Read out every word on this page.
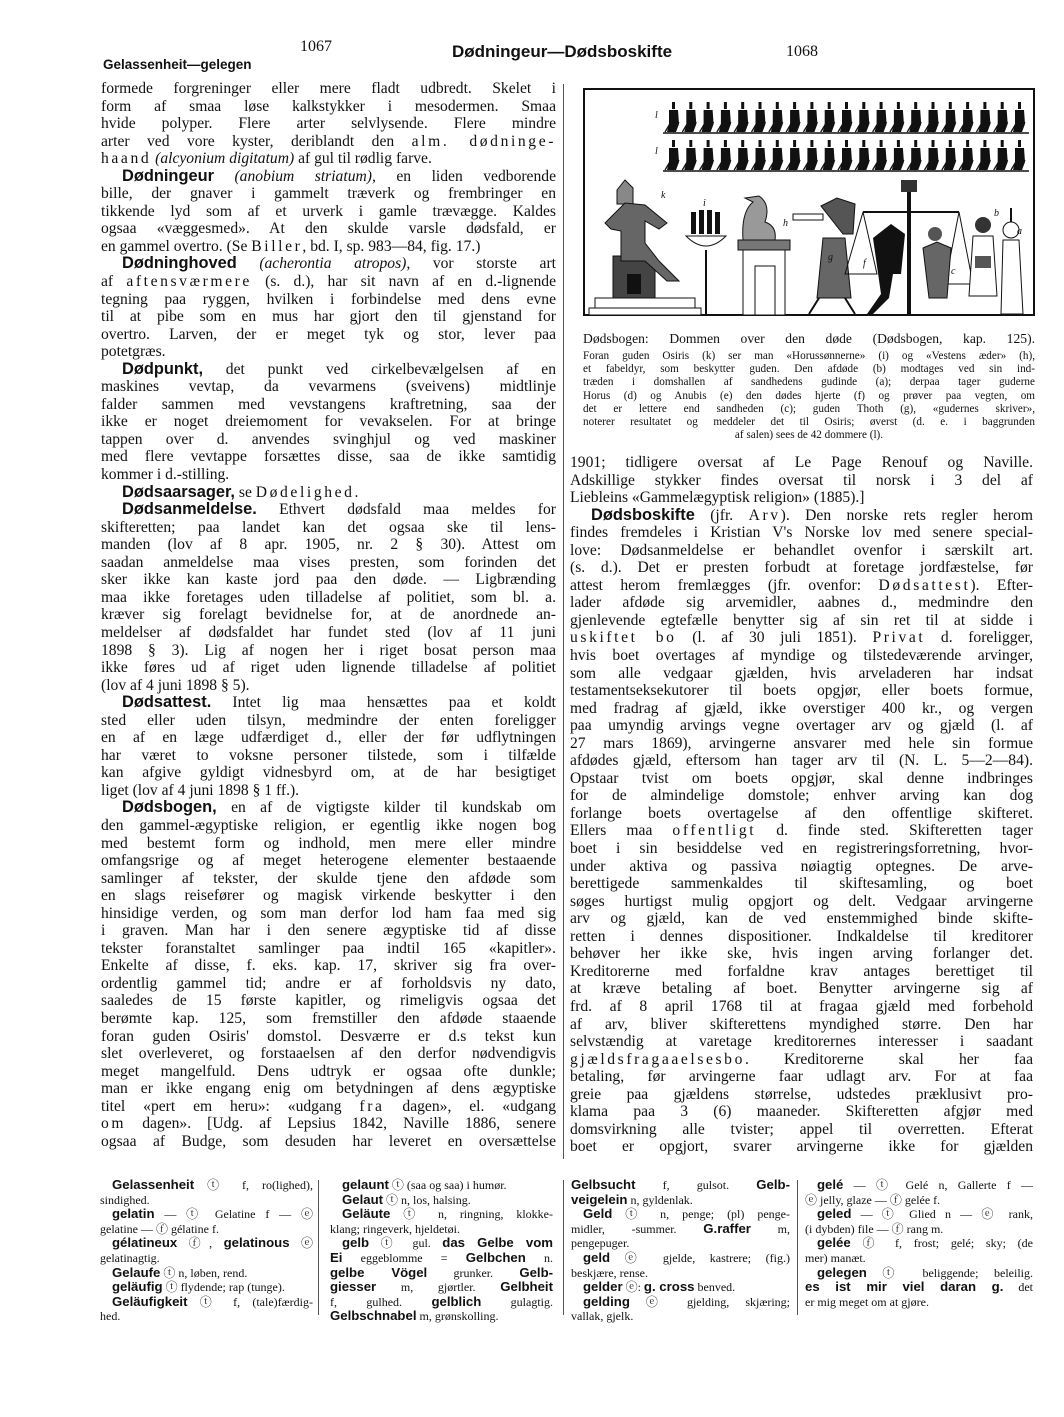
1067
Gelassenheit—gelegen
Dødningeur—Dødsboskifte	1068
formede forgreninger eller mere fladt udbredt. Skelet i
form af smaa løse kalkstykker i mesodermen. Smaa
hvide polyper. Flere arter selvlysende. Flere mindre
arter ved vore kyster, deriblandt den alm. dødninge-
haand (alcyonium digitatum) af gul til rødlig farve.
Dødningeur (anobium striatum), en liden vedborende
bille, der gnaver i gammelt træverk og frembringer en
tikkende lyd som af et urverk i gamle trævægge. Kaldes
ogsaa «væggesmed». At den skulde varsle dødsfald, er
en gammel overtro. (Se Biller, bd. I, sp. 983—84, fig. 17.)
Dødninghoved (acherontia atropos), vor storste art
af aftensværmere (s. d.), har sit navn af en d.-lignende
tegning paa ryggen, hvilken i forbindelse med dens evne
til at pibe som en mus har gjort den til gjenstand for
overtro. Larven, der er meget tyk og stor, lever paa
potetgræs.
Dødpunkt, det punkt ved cirkelbevælgelsen af en
maskines vevtap, da vevarmens (sveivens) midtlinje
falder sammen med vevstangens kraftretning, saa der
ikke er noget dreiemoment for vevakselen. For at bringe
tappen over d. anvendes svinghjul og ved maskiner
med flere vevtappe forsættes disse, saa de ikke samtidig
kommer i d.-stilling.
Dødsaarsager, se Dødelighed.
Dødsanmeldelse. Ethvert dødsfald maa meldes for
skifteretten; paa landet kan det ogsaa ske til lens-
manden (lov af 8 apr. 1905, nr. 2 § 30). Attest om
saadan anmeldelse maa vises presten, som forinden det
sker ikke kan kaste jord paa den døde. — Ligbrænding
maa ikke foretages uden tilladelse af politiet, som bl. a.
kræver sig forelagt bevidnelse for, at de anordnede an-
meldelser af dødsfaldet har fundet sted (lov af 11 juni
1898 § 3). Lig af nogen her i riget bosat person maa
ikke føres ud af riget uden lignende tilladelse af politiet
(lov af 4 juni 1898 § 5).
Dødsattest. Intet lig maa hensættes paa et koldt
sted eller uden tilsyn, medmindre der enten foreligger
en af en læge udfærdiget d., eller der før udflytningen
har været to voksne personer tilstede, som i tilfælde
kan afgive gyldigt vidnesbyrd om, at de har besigtiget
liget (lov af 4 juni 1898 § 1 ff.).
Dødsbogen, en af de vigtigste kilder til kundskab om
den gammel-ægyptiske religion, er egentlig ikke nogen bog
med bestemt form og indhold, men mere eller mindre
omfangsrige og af meget heterogene elementer bestaaende
samlinger af tekster, der skulde tjene den afdøde som
en slags reisefører og magisk virkende beskytter i den
hinsidige verden, og som man derfor lod ham faa med sig
i graven. Man har i den senere ægyptiske tid af disse
tekster foranstaltet samlinger paa indtil 165 «kapitler».
Enkelte af disse, f. eks. kap. 17, skriver sig fra over-
ordentlig gammel tid; andre er af forholdsvis ny dato,
saaledes de 15 første kapitler, og rimeligvis ogsaa det
berømte kap. 125, som fremstiller den afdøde staaende
foran guden Osiris' domstol. Desværre er d.s tekst kun
slet overleveret, og forstaaelsen af den derfor nødvendigvis
meget mangelfuld. Dens udtryk er ogsaa ofte dunkle;
man er ikke engang enig om betydningen af dens ægyptiske
titel «pert em heru»: «udgang fra dagen», el. «udgang
om dagen». [Udg. af Lepsius 1842, Naville 1886, senere
ogsaa af Budge, som desuden har leveret en oversættelse
l
l
k
i
h
g
f
c
b
a
Dødsbogen: Dommen over den døde (Dødsbogen, kap. 125).
Foran guden Osiris (k) ser man «Horussønnerne» (i) og «Vestens æder» (h),
et fabeldyr, som beskytter guden. Den afdøde (b) modtages ved sin ind-
træden i domshallen af sandhedens gudinde (a); derpaa tager guderne
Horus (d) og Anubis (e) den dødes hjerte (f) og prøver paa vegten, om
det er lettere end sandheden (c); guden Thoth (g), «gudernes skriver»,
noterer resultatet og meddeler det til Osiris; øverst (d. e. i baggrunden
af salen) sees de 42 dommere (l).
1901; tidligere oversat af Le Page Renouf og Naville.
Adskillige stykker findes oversat til norsk i 3 del af
Liebleins «Gammelægyptisk religion» (1885).]
Dødsboskifte (jfr. Arv). Den norske rets regler herom
findes fremdeles i Kristian V's Norske lov med senere special-
love: Dødsanmeldelse er behandlet ovenfor i særskilt art.
(s. d.). Det er presten forbudt at foretage jordfæstelse, før
attest herom fremlægges (jfr. ovenfor: Dødsattest). Efter-
lader afdøde sig arvemidler, aabnes d., medmindre den
gjenlevende egtefælle benytter sig af sin ret til at sidde i
uskiftet bo (l. af 30 juli 1851). Privat d. foreligger,
hvis boet overtages af myndige og tilstedeværende arvinger,
som alle vedgaar gjælden, hvis arveladeren har indsat
testamentseksekutorer til boets opgjør, eller boets formue,
med fradrag af gjæld, ikke overstiger 400 kr., og vergen
paa umyndig arvings vegne overtager arv og gjæld (l. af
27 mars 1869), arvingerne ansvarer med hele sin formue
afdødes gjæld, eftersom han tager arv til (N. L. 5—2—84).
Opstaar tvist om boets opgjør, skal denne indbringes
for de almindelige domstole; enhver arving kan dog
forlange boets overtagelse af den offentlige skifteret.
Ellers maa offentligt d. finde sted. Skifteretten tager
boet i sin besiddelse ved en registreringsforretning, hvor-
under aktiva og passiva nøiagtig optegnes. De arve-
berettigede sammenkaldes til skiftesamling, og boet
søges hurtigst mulig opgjort og delt. Vedgaar arvingerne
arv og gjæld, kan de ved enstemmighed binde skifte-
retten i dennes dispositioner. Indkaldelse til kreditorer
behøver her ikke ske, hvis ingen arving forlanger det.
Kreditorerne med forfaldne krav antages berettiget til
at kræve betaling af boet. Benytter arvingerne sig af
frd. af 8 april 1768 til at fragaa gjæld med forbehold
af arv, bliver skifterettens myndighed større. Den har
selvstændig at varetage kreditorernes interesser i saadant
gjældsfragaaelsesbo. Kreditorerne skal her faa
betaling, før arvingerne faar udlagt arv. For at faa
greie paa gjældens størrelse, udstedes præklusivt pro-
klama paa 3 (6) maaneder. Skifteretten afgjør med
domsvirkning alle tvister; appel til overretten. Efterat
boet er opgjort, svarer arvingerne ikke for gjælden
Gelassenheit ⓣ f, ro(lighed),
sindighed.
gelatin — ⓣ Gelatine f — ⓔ
gelatine — ⓕ gélatine f.
gélatineux ⓕ, gelatinous ⓔ
gelatinagtig.
Gelaufe ⓣ n, løben, rend.
geläufig ⓣ flydende; rap (tunge).
Geläufigkeit ⓣ f, (tale)færdig-
hed.
gelaunt ⓣ (saa og saa) i humør.
Gelaut ⓣ n, los, halsing.
Geläute ⓣ n, ringning, klokke-
klang; ringeverk, hjeldetøi.
gelb ⓣ gul. das Gelbe vom
Ei eggeblomme = Gelbchen n.
gelbe Vögel grunker. Gelb-
giesser m, gjørtler. Gelbheit
f, gulhed. gelblich gulagtig.
Gelbschnabel m, grønskolling.
Gelbsucht f, gulsot. Gelb-
veigelein n, gyldenlak.
Geld ⓣ n, penge; (pl) penge-
midler, -summer. G.raffer m,
pengepuger.
geld ⓔ gjelde, kastrere; (fig.)
beskjære, rense.
gelder ⓔ: g. cross benved.
gelding ⓔ gjelding, skjæring;
vallak, gjelk.
gelé — ⓣ Gelé n, Gallerte f —
ⓔ jelly, glaze — ⓕ gelée f.
geled — ⓣ Glied n — ⓔ rank,
(i dybden) file — ⓕ rang m.
gelée ⓕ f, frost; gelé; sky; (de
mer) manæt.
gelegen ⓣ beliggende; beleilig.
es ist mir viel daran g. det
er mig meget om at gjøre.
